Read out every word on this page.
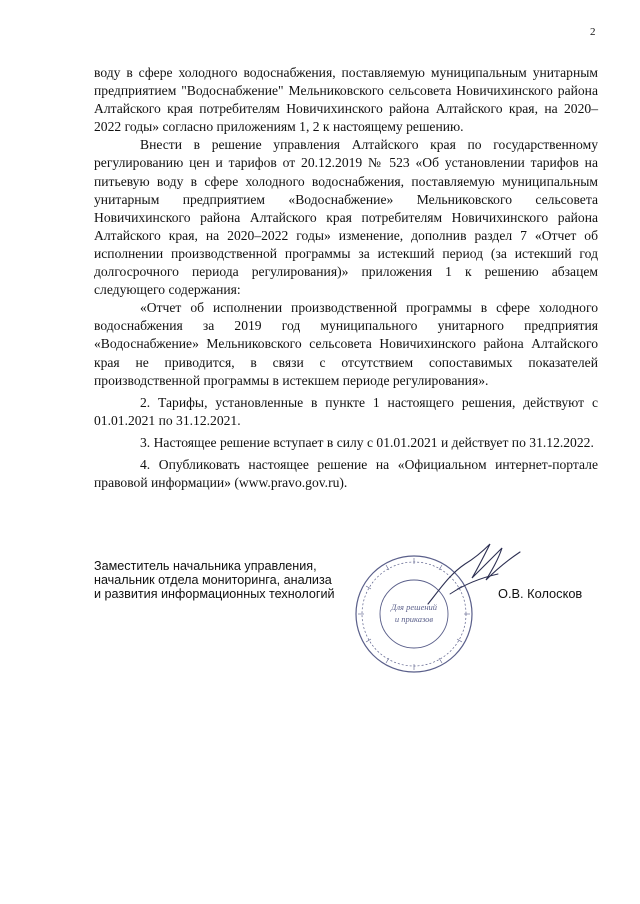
2

воду в сфере холодного водоснабжения, поставляемую муниципальным унитарным предприятием "Водоснабжение" Мельниковского сельсовета Новичихинского района Алтайского края потребителям Новичихинского района Алтайского края, на 2020–2022 годы» согласно приложениям 1, 2 к настоящему решению.

Внести в решение управления Алтайского края по государственному регулированию цен и тарифов от 20.12.2019 № 523 «Об установлении тарифов на питьевую воду в сфере холодного водоснабжения, поставляемую муниципальным унитарным предприятием «Водоснабжение» Мельниковского сельсовета Новичихинского района Алтайского края потребителям Новичихинского района Алтайского края, на 2020–2022 годы» изменение, дополнив раздел 7 «Отчет об исполнении производственной программы за истекший период (за истекший год долгосрочного периода регулирования)» приложения 1 к решению абзацем следующего содержания:

«Отчет об исполнении производственной программы в сфере холодного водоснабжения за 2019 год муниципального унитарного предприятия «Водоснабжение» Мельниковского сельсовета Новичихинского района Алтайского края не приводится, в связи с отсутствием сопоставимых показателей производственной программы в истекшем периоде регулирования».

2. Тарифы, установленные в пункте 1 настоящего решения, действуют с 01.01.2021 по 31.12.2021.

3. Настоящее решение вступает в силу с 01.01.2021 и действует по 31.12.2022.

4. Опубликовать настоящее решение на «Официальном интернет-портале правовой информации» (www.pravo.gov.ru).

Заместитель начальника управления,
начальник отдела мониторинга, анализа
и развития информационных технологий	О.В. Колосков
Для решений
и приказов
